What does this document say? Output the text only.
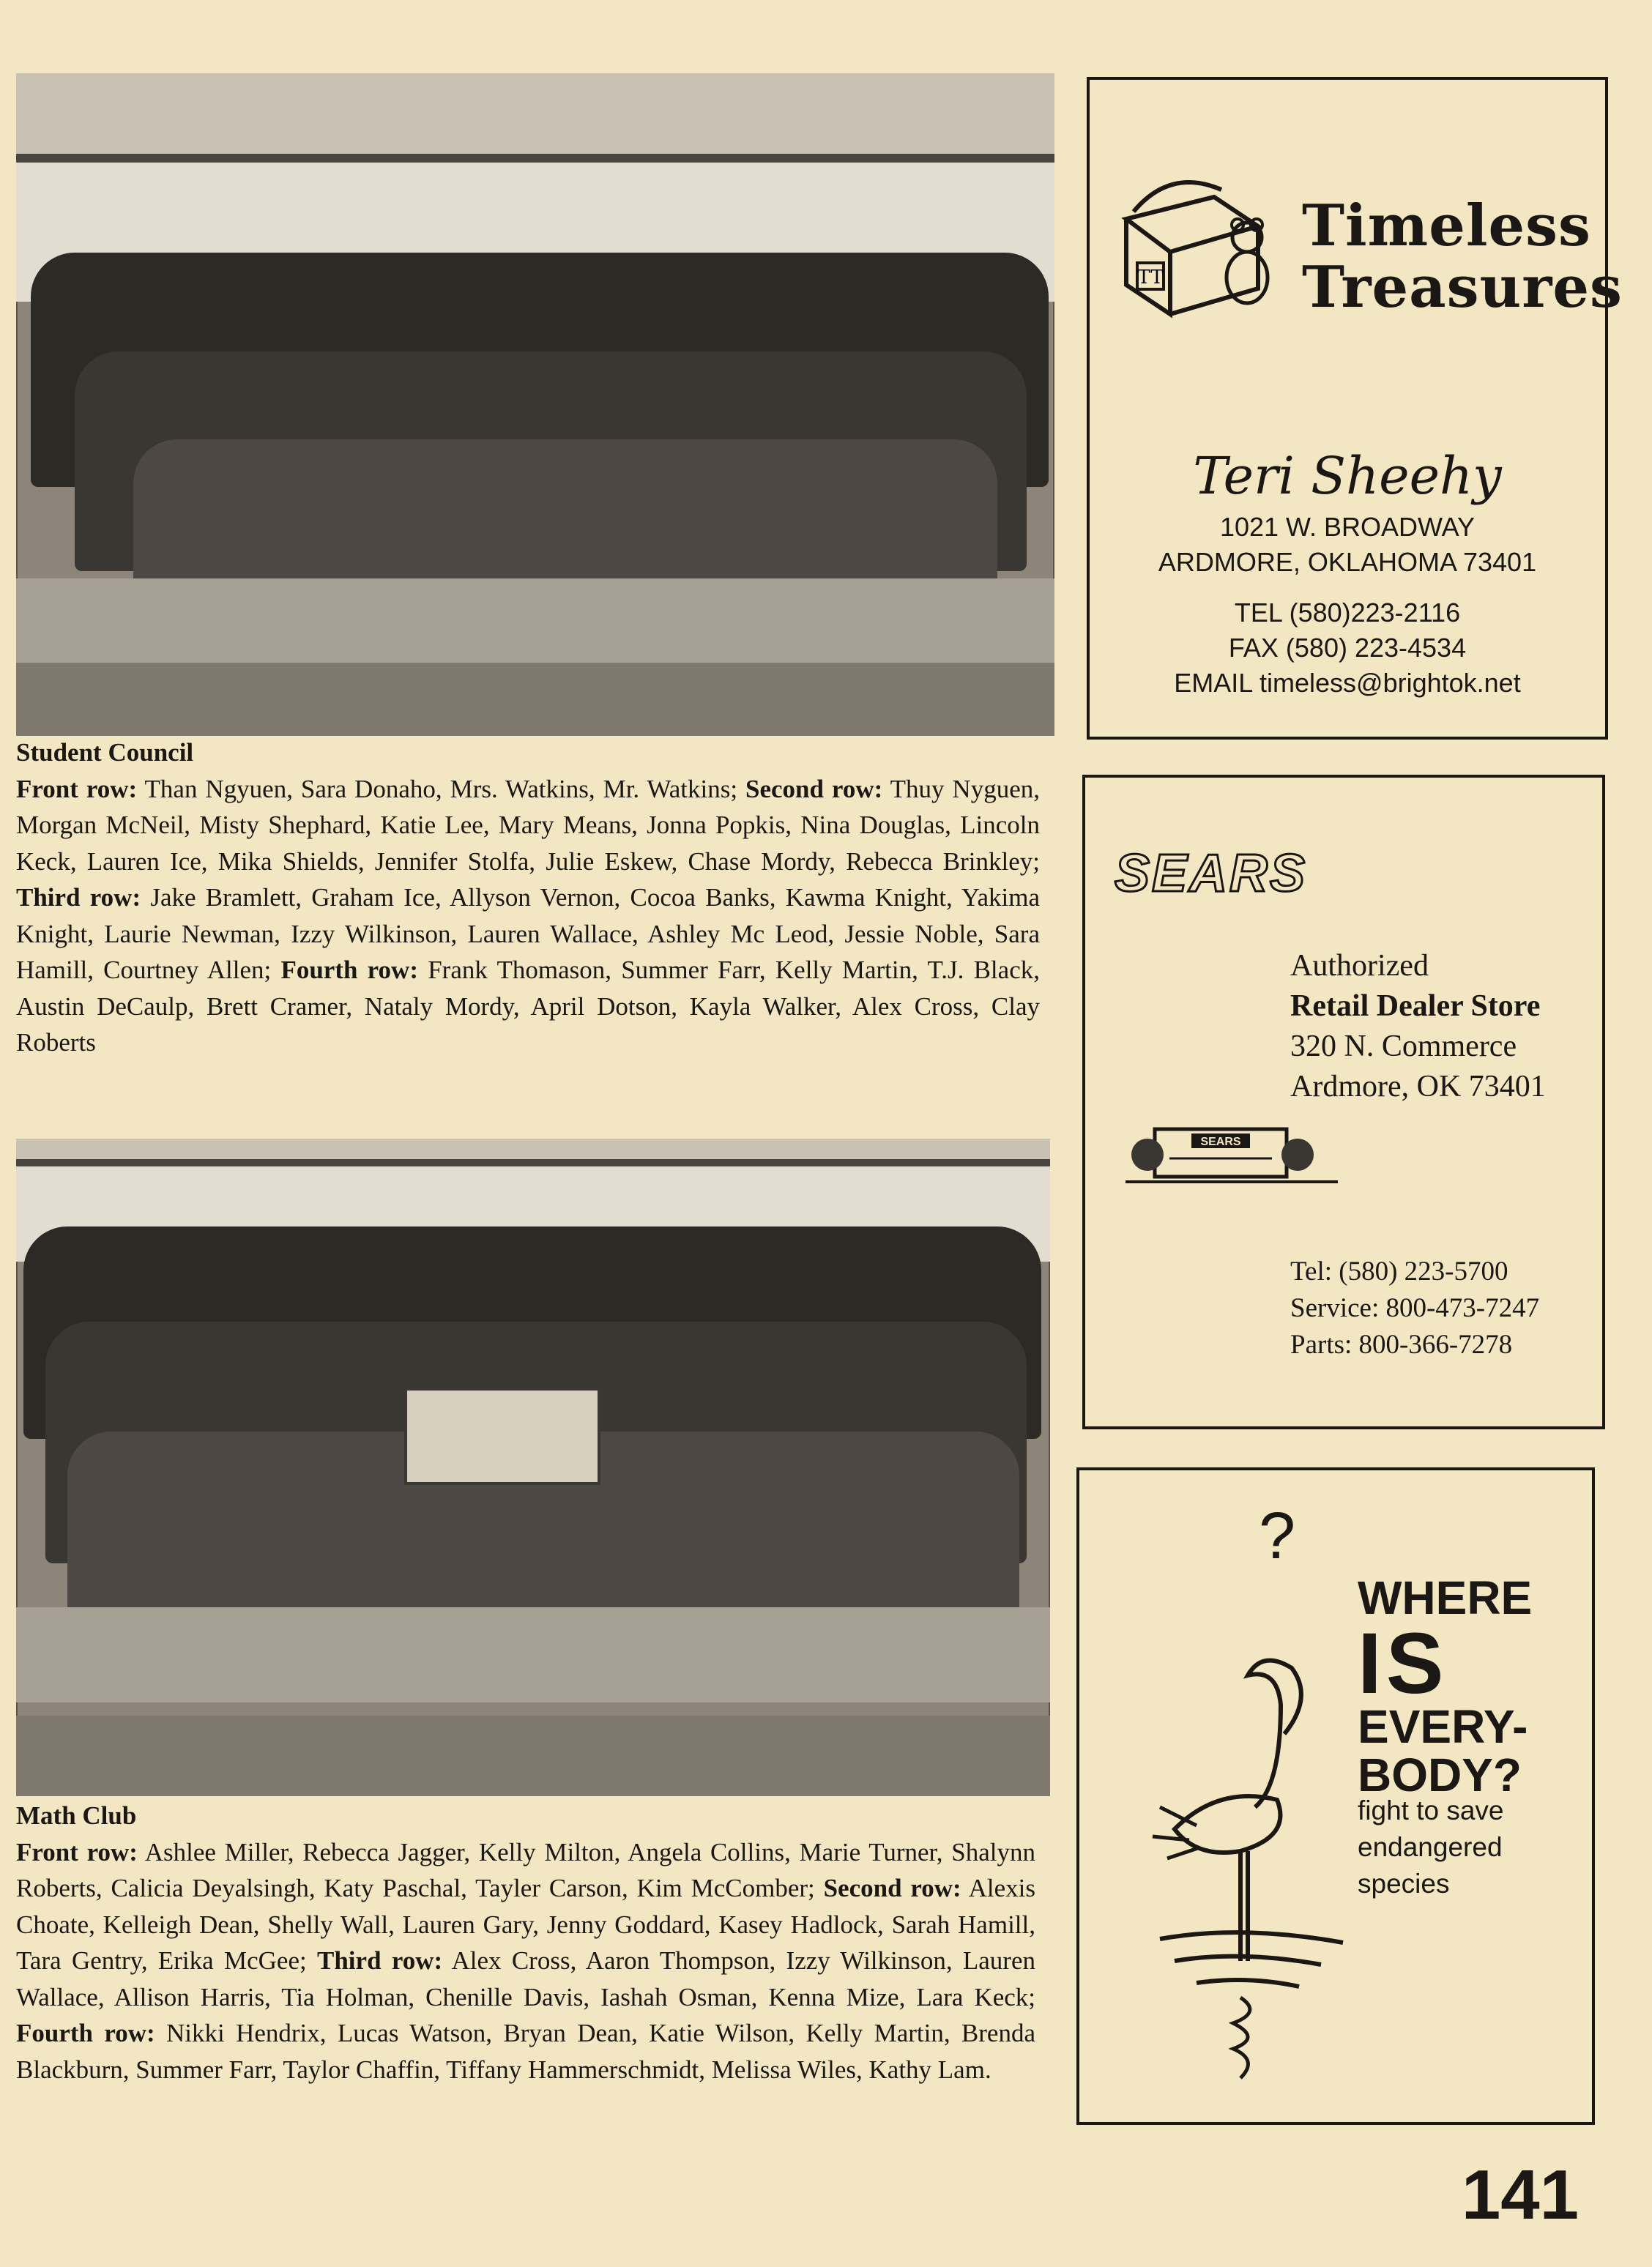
Student Council
Front row: Than Ngyuen, Sara Donaho, Mrs. Watkins, Mr. Watkins; Second row: Thuy Nyguen, Morgan McNeil, Misty Shephard, Katie Lee, Mary Means, Jonna Popkis, Nina Douglas, Lincoln Keck, Lauren Ice, Mika Shields, Jennifer Stolfa, Julie Eskew, Chase Mordy, Rebecca Brinkley; Third row: Jake Bramlett, Graham Ice, Allyson Vernon, Cocoa Banks, Kawma Knight, Yakima Knight, Laurie Newman, Izzy Wilkinson, Lauren Wallace, Ashley Mc Leod, Jessie Noble, Sara Hamill, Courtney Allen; Fourth row: Frank Thomason, Summer Farr, Kelly Martin, T.J. Black, Austin DeCaulp, Brett Cramer, Nataly Mordy, April Dotson, Kayla Walker, Alex Cross, Clay Roberts
Math Club
Front row: Ashlee Miller, Rebecca Jagger, Kelly Milton, Angela Collins, Marie Turner, Shalynn Roberts, Calicia Deyalsingh, Katy Paschal, Tayler Carson, Kim McComber; Second row: Alexis Choate, Kelleigh Dean, Shelly Wall, Lauren Gary, Jenny Goddard, Kasey Hadlock, Sarah Hamill, Tara Gentry, Erika McGee; Third row: Alex Cross, Aaron Thompson, Izzy Wilkinson, Lauren Wallace, Allison Harris, Tia Holman, Chenille Davis, Iashah Osman, Kenna Mize, Lara Keck; Fourth row: Nikki Hendrix, Lucas Watson, Bryan Dean, Katie Wilson, Kelly Martin, Brenda Blackburn, Summer Farr, Taylor Chaffin, Tiffany Hammerschmidt, Melissa Wiles, Kathy Lam.
TT
Timeless
Treasures
Teri Sheehy
1021 W. BROADWAY
ARDMORE, OKLAHOMA 73401
TEL (580)223-2116
FAX (580) 223-4534
EMAIL timeless@brightok.net
SEARS
Authorized
Retail Dealer Store
320 N. Commerce
Ardmore, OK 73401
SEARS
Tel: (580) 223-5700
Service: 800-473-7247
Parts: 800-366-7278
?
WHERE
IS
EVERY-
BODY?
fight to save
endangered
species
141
